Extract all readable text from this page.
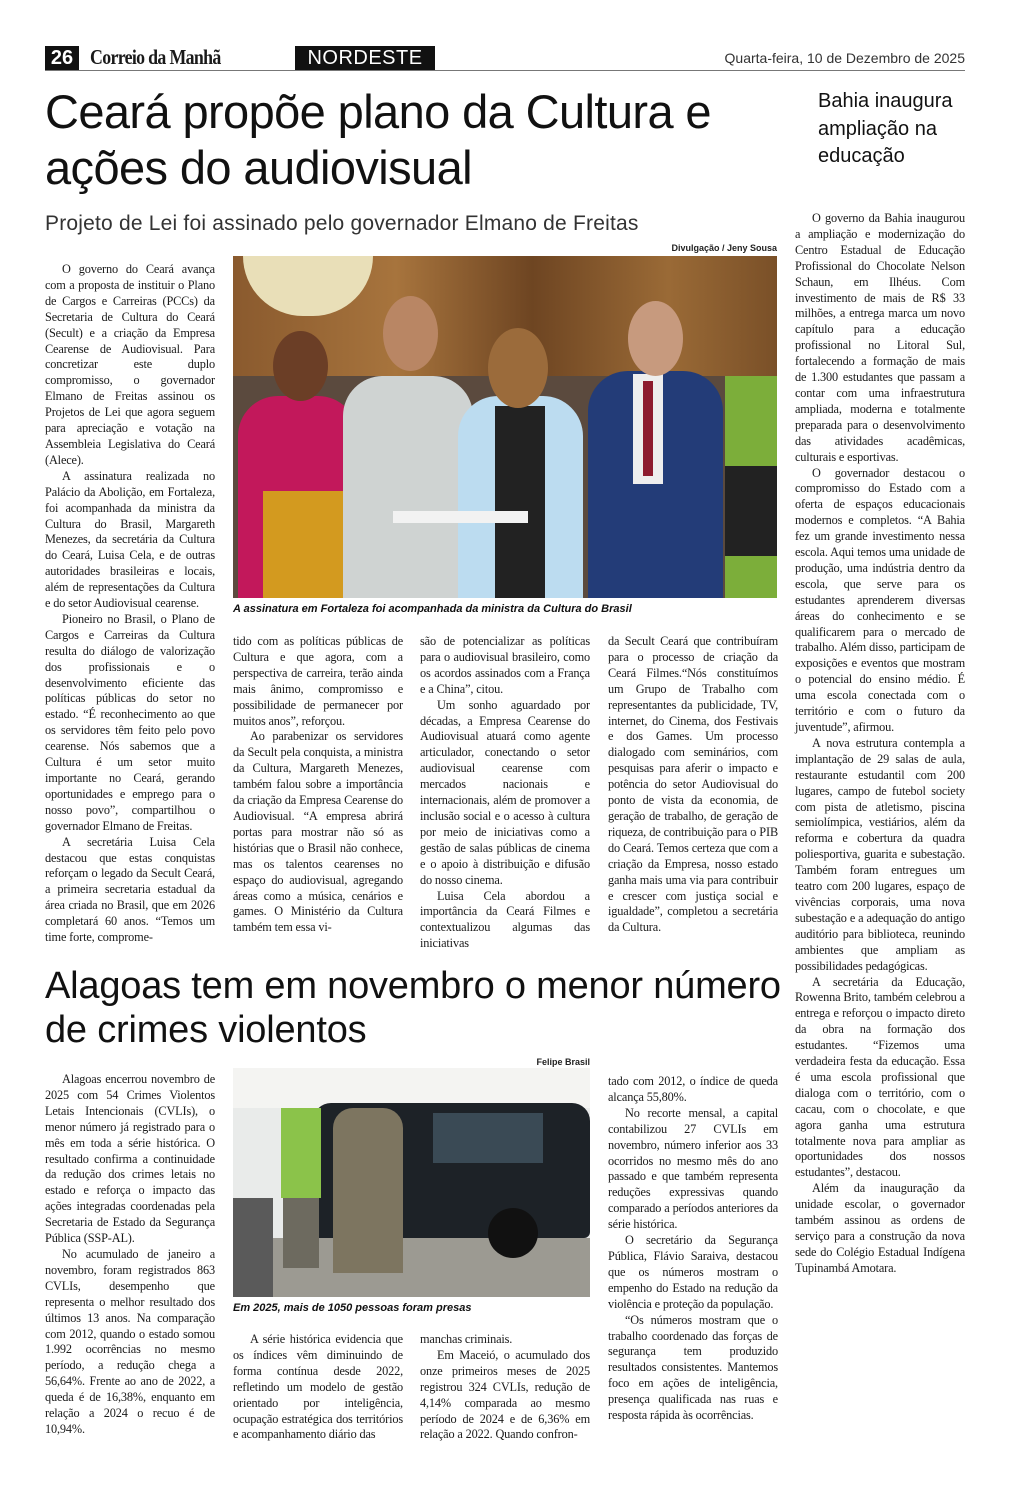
26 Correio da Manhã	NORDESTE	Quarta-feira, 10 de Dezembro de 2025
Ceará propõe plano da Cultura e ações do audiovisual
Projeto de Lei foi assinado pelo governador Elmano de Freitas
Divulgação / Jeny Sousa
A assinatura em Fortaleza foi acompanhada da ministra da Cultura do Brasil

O governo do Ceará avança com a proposta de instituir o Plano de Cargos e Carreiras (PCCs) da Secretaria de Cultura do Ceará (Secult) e a criação da Empresa Cearense de Audiovisual. Para concretizar este duplo compromisso, o governador Elmano de Freitas assinou os Projetos de Lei que agora seguem para apreciação e votação na Assembleia Legislativa do Ceará (Alece).

A assinatura realizada no Palácio da Abolição, em Fortaleza, foi acompanhada da ministra da Cultura do Brasil, Margareth Menezes, da secretária da Cultura do Ceará, Luisa Cela, e de outras autoridades brasileiras e locais, além de representações da Cultura e do setor Audiovisual cearense.

Pioneiro no Brasil, o Plano de Cargos e Carreiras da Cultura resulta do diálogo de valorização dos profissionais e o desenvolvimento eficiente das políticas públicas do setor no estado. “É reconhecimento ao que os servidores têm feito pelo povo cearense. Nós sabemos que a Cultura é um setor muito importante no Ceará, gerando oportunidades e emprego para o nosso povo”, compartilhou o governador Elmano de Freitas.

A secretária Luisa Cela destacou que estas conquistas reforçam o legado da Secult Ceará, a primeira secretaria estadual da área criada no Brasil, que em 2026 completará 60 anos. “Temos um time forte, comprome-

tido com as políticas públicas de Cultura e que agora, com a perspectiva de carreira, terão ainda mais ânimo, compromisso e possibilidade de permanecer por muitos anos”, reforçou.

Ao parabenizar os servidores da Secult pela conquista, a ministra da Cultura, Margareth Menezes, também falou sobre a importância da criação da Empresa Cearense do Audiovisual. “A empresa abrirá portas para mostrar não só as histórias que o Brasil não conhece, mas os talentos cearenses no espaço do audiovisual, agregando áreas como a música, cenários e games. O Ministério da Cultura também tem essa vi-

são de potencializar as políticas para o audiovisual brasileiro, como os acordos assinados com a França e a China”, citou.

Um sonho aguardado por décadas, a Empresa Cearense do Audiovisual atuará como agente articulador, conectando o setor audiovisual cearense com mercados nacionais e internacionais, além de promover a inclusão social e o acesso à cultura por meio de iniciativas como a gestão de salas públicas de cinema e o apoio à distribuição e difusão do nosso cinema.

Luisa Cela abordou a importância da Ceará Filmes e contextualizou algumas das iniciativas

da Secult Ceará que contribuíram para o processo de criação da Ceará Filmes.“Nós constituímos um Grupo de Trabalho com representantes da publicidade, TV, internet, do Cinema, dos Festivais e dos Games. Um processo dialogado com seminários, com pesquisas para aferir o impacto e potência do setor Audiovisual do ponto de vista da economia, de geração de trabalho, de geração de riqueza, de contribuição para o PIB do Ceará. Temos certeza que com a criação da Empresa, nosso estado ganha mais uma via para contribuir e crescer com justiça social e igualdade”, completou a secretária da Cultura.

Bahia inaugura ampliação na educação

O governo da Bahia inaugurou a ampliação e modernização do Centro Estadual de Educação Profissional do Chocolate Nelson Schaun, em Ilhéus. Com investimento de mais de R$ 33 milhões, a entrega marca um novo capítulo para a educação profissional no Litoral Sul, fortalecendo a formação de mais de 1.300 estudantes que passam a contar com uma infraestrutura ampliada, moderna e totalmente preparada para o desenvolvimento das atividades acadêmicas, culturais e esportivas.

O governador destacou o compromisso do Estado com a oferta de espaços educacionais modernos e completos. “A Bahia fez um grande investimento nessa escola. Aqui temos uma unidade de produção, uma indústria dentro da escola, que serve para os estudantes aprenderem diversas áreas do conhecimento e se qualificarem para o mercado de trabalho. Além disso, participam de exposições e eventos que mostram o potencial do ensino médio. É uma escola conectada com o território e com o futuro da juventude”, afirmou.

A nova estrutura contempla a implantação de 29 salas de aula, restaurante estudantil com 200 lugares, campo de futebol society com pista de atletismo, piscina semiolímpica, vestiários, além da reforma e cobertura da quadra poliesportiva, guarita e subestação. Também foram entregues um teatro com 200 lugares, espaço de vivências corporais, uma nova subestação e a adequação do antigo auditório para biblioteca, reunindo ambientes que ampliam as possibilidades pedagógicas.

A secretária da Educação, Rowenna Brito, também celebrou a entrega e reforçou o impacto direto da obra na formação dos estudantes. “Fizemos uma verdadeira festa da educação. Essa é uma escola profissional que dialoga com o território, com o cacau, com o chocolate, e que agora ganha uma estrutura totalmente nova para ampliar as oportunidades dos nossos estudantes”, destacou.

Além da inauguração da unidade escolar, o governador também assinou as ordens de serviço para a construção da nova sede do Colégio Estadual Indígena Tupinambá Amotara.

Alagoas tem em novembro o menor número de crimes violentos
Felipe Brasil
Em 2025, mais de 1050 pessoas foram presas

Alagoas encerrou novembro de 2025 com 54 Crimes Violentos Letais Intencionais (CVLIs), o menor número já registrado para o mês em toda a série histórica. O resultado confirma a continuidade da redução dos crimes letais no estado e reforça o impacto das ações integradas coordenadas pela Secretaria de Estado da Segurança Pública (SSP-AL).

No acumulado de janeiro a novembro, foram registrados 863 CVLIs, desempenho que representa o melhor resultado dos últimos 13 anos. Na comparação com 2012, quando o estado somou 1.992 ocorrências no mesmo período, a redução chega a 56,64%. Frente ao ano de 2022, a queda é de 16,38%, enquanto em relação a 2024 o recuo é de 10,94%.

A série histórica evidencia que os índices vêm diminuindo de forma contínua desde 2022, refletindo um modelo de gestão orientado por inteligência, ocupação estratégica dos territórios e acompanhamento diário das

manchas criminais.

Em Maceió, o acumulado dos onze primeiros meses de 2025 registrou 324 CVLIs, redução de 4,14% comparada ao mesmo período de 2024 e de 6,36% em relação a 2022. Quando confron-

tado com 2012, o índice de queda alcança 55,80%.

No recorte mensal, a capital contabilizou 27 CVLIs em novembro, número inferior aos 33 ocorridos no mesmo mês do ano passado e que também representa reduções expressivas quando comparado a períodos anteriores da série histórica.

O secretário da Segurança Pública, Flávio Saraiva, destacou que os números mostram o empenho do Estado na redução da violência e proteção da população.

“Os números mostram que o trabalho coordenado das forças de segurança tem produzido resultados consistentes. Mantemos foco em ações de inteligência, presença qualificada nas ruas e resposta rápida às ocorrências.
